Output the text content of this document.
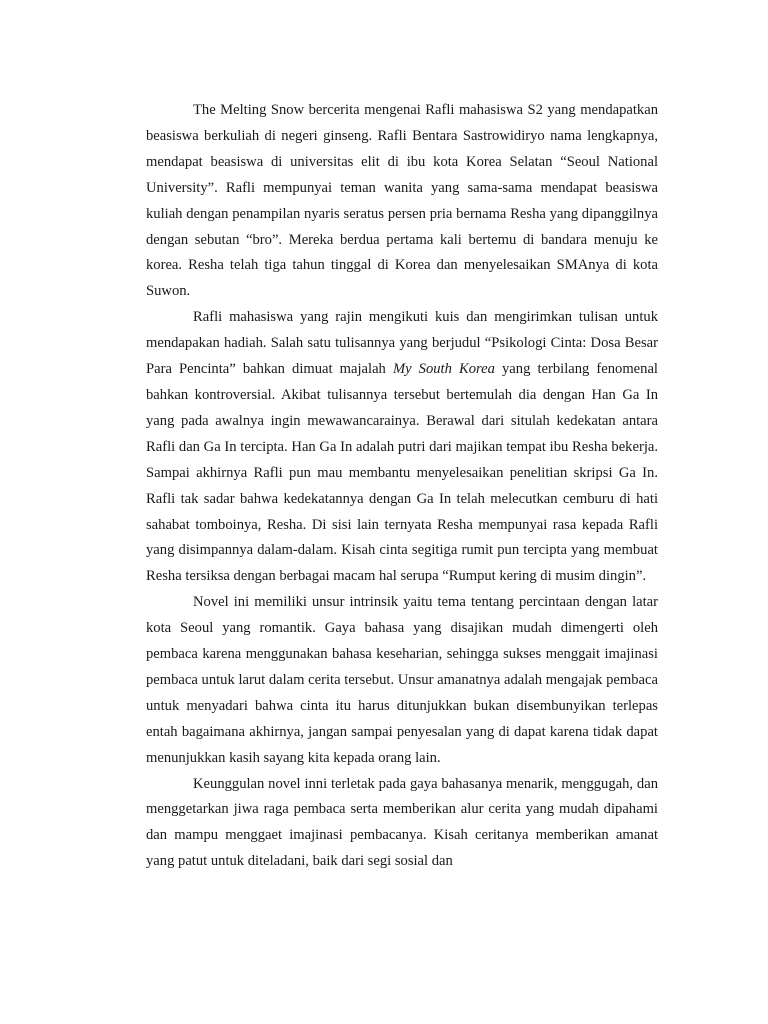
The Melting Snow bercerita mengenai Rafli mahasiswa S2 yang mendapatkan beasiswa berkuliah di negeri ginseng. Rafli Bentara Sastrowidiryo nama lengkapnya, mendapat beasiswa di universitas elit di ibu kota Korea Selatan “Seoul National University”. Rafli mempunyai teman wanita yang sama-sama mendapat beasiswa kuliah dengan penampilan nyaris seratus persen pria bernama Resha yang dipanggilnya dengan sebutan “bro”. Mereka berdua pertama kali bertemu di bandara menuju ke korea. Resha telah tiga tahun tinggal di Korea dan menyelesaikan SMAnya di kota Suwon.

Rafli mahasiswa yang rajin mengikuti kuis dan mengirimkan tulisan untuk mendapakan hadiah. Salah satu tulisannya yang berjudul “Psikologi Cinta: Dosa Besar Para Pencinta” bahkan dimuat majalah My South Korea yang terbilang fenomenal bahkan kontroversial. Akibat tulisannya tersebut bertemulah dia dengan Han Ga In yang pada awalnya ingin mewawancarainya. Berawal dari situlah kedekatan antara Rafli dan Ga In tercipta. Han Ga In adalah putri dari majikan tempat ibu Resha bekerja. Sampai akhirnya Rafli pun mau membantu menyelesaikan penelitian skripsi Ga In. Rafli tak sadar bahwa kedekatannya dengan Ga In telah melecutkan cemburu di hati sahabat tomboinya, Resha. Di sisi lain ternyata Resha mempunyai rasa kepada Rafli yang disimpannya dalam-dalam. Kisah cinta segitiga rumit pun tercipta yang membuat Resha tersiksa dengan berbagai macam hal serupa “Rumput kering di musim dingin”.

Novel ini memiliki unsur intrinsik yaitu tema tentang percintaan dengan latar kota Seoul yang romantik. Gaya bahasa yang disajikan mudah dimengerti oleh pembaca karena menggunakan bahasa keseharian, sehingga sukses menggait imajinasi pembaca untuk larut dalam cerita tersebut. Unsur amanatnya adalah mengajak pembaca untuk menyadari bahwa cinta itu harus ditunjukkan bukan disembunyikan terlepas entah bagaimana akhirnya, jangan sampai penyesalan yang di dapat karena tidak dapat menunjukkan kasih sayang kita kepada orang lain.

Keunggulan novel inni terletak pada gaya bahasanya menarik, menggugah, dan menggetarkan jiwa raga pembaca serta memberikan alur cerita yang mudah dipahami dan mampu menggaet imajinasi pembacanya. Kisah ceritanya memberikan amanat yang patut untuk diteladani, baik dari segi sosial dan
